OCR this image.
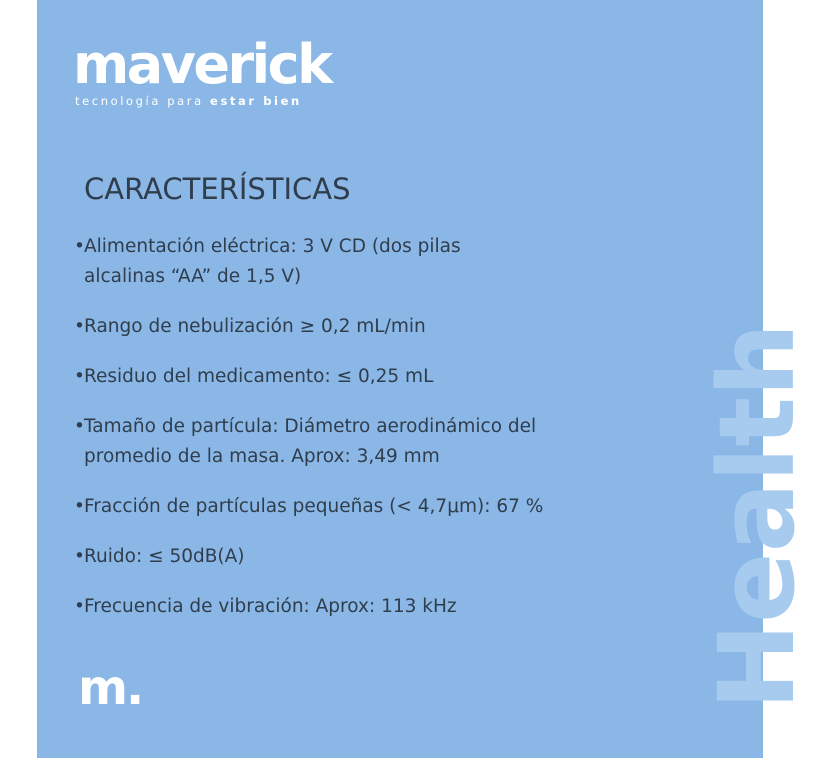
maverick
tecnología para estar bien
CARACTERÍSTICAS
• Alimentación eléctrica: 3 V CD (dos pilas
alcalinas “AA” de 1,5 V)
• Rango de nebulización ≥ 0,2 mL/min
• Residuo del medicamento: ≤ 0,25 mL
• Tamaño de partícula: Diámetro aerodinámico del
promedio de la masa. Aprox: 3,49 mm
• Fracción de partículas pequeñas (< 4,7μm): 67 %
• Ruido: ≤ 50dB(A)
• Frecuencia de vibración: Aprox: 113 kHz
m.	Health
